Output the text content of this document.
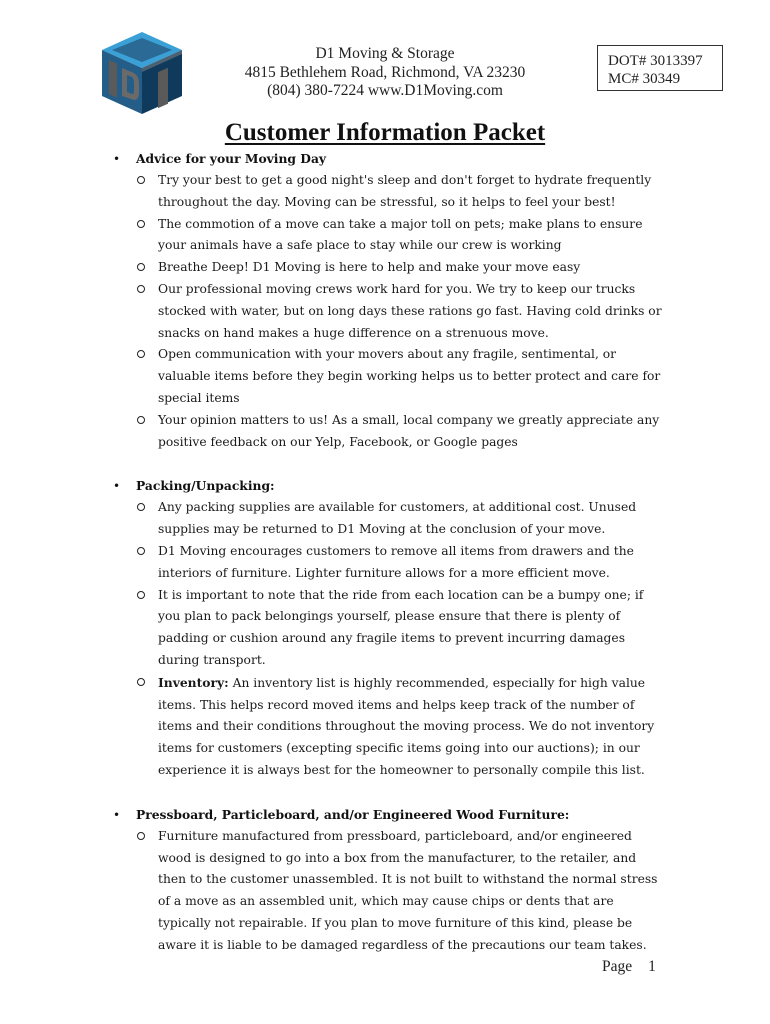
D1 Moving & Storage
4815 Bethlehem Road, Richmond, VA 23230
(804) 380-7224 www.D1Moving.com
DOT# 3013397
MC# 30349
Customer Information Packet
• Advice for your Moving Day
Try your best to get a good night's sleep and don't forget to hydrate frequently throughout the day. Moving can be stressful, so it helps to feel your best!
The commotion of a move can take a major toll on pets; make plans to ensure your animals have a safe place to stay while our crew is working
Breathe Deep! D1 Moving is here to help and make your move easy
Our professional moving crews work hard for you. We try to keep our trucks stocked with water, but on long days these rations go fast. Having cold drinks or snacks on hand makes a huge difference on a strenuous move.
Open communication with your movers about any fragile, sentimental, or valuable items before they begin working helps us to better protect and care for special items
Your opinion matters to us! As a small, local company we greatly appreciate any positive feedback on our Yelp, Facebook, or Google pages
• Packing/Unpacking:
Any packing supplies are available for customers, at additional cost. Unused supplies may be returned to D1 Moving at the conclusion of your move.
D1 Moving encourages customers to remove all items from drawers and the interiors of furniture. Lighter furniture allows for a more efficient move.
It is important to note that the ride from each location can be a bumpy one; if you plan to pack belongings yourself, please ensure that there is plenty of padding or cushion around any fragile items to prevent incurring damages during transport.
Inventory: An inventory list is highly recommended, especially for high value items. This helps record moved items and helps keep track of the number of items and their conditions throughout the moving process. We do not inventory items for customers (excepting specific items going into our auctions); in our experience it is always best for the homeowner to personally compile this list.
• Pressboard, Particleboard, and/or Engineered Wood Furniture:
Furniture manufactured from pressboard, particleboard, and/or engineered wood is designed to go into a box from the manufacturer, to the retailer, and then to the customer unassembled. It is not built to withstand the normal stress of a move as an assembled unit, which may cause chips or dents that are typically not repairable. If you plan to move furniture of this kind, please be aware it is liable to be damaged regardless of the precautions our team takes.
Page 1
